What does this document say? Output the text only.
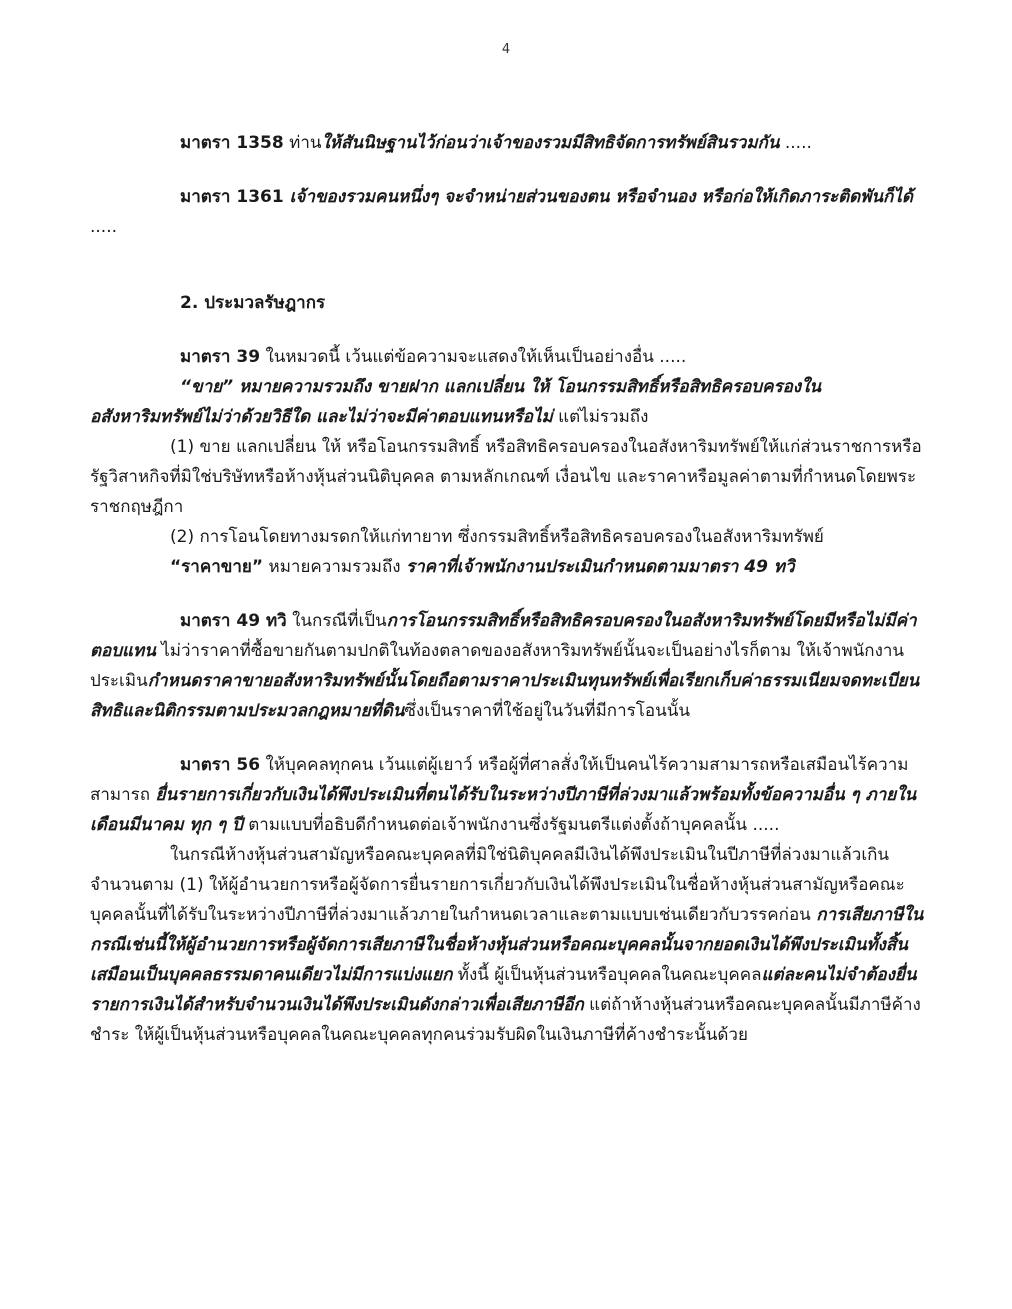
4

มาตรา 1358 ท่านให้สันนิษฐานไว้ก่อนว่าเจ้าของรวมมีสิทธิจัดการทรัพย์สินรวมกัน .....

มาตรา 1361 เจ้าของรวมคนหนึ่งๆ จะจำหน่ายส่วนของตน หรือจำนอง หรือก่อให้เกิดภาระติดพันก็ได้ .....

2. ประมวลรัษฎากร

มาตรา 39 ในหมวดนี้ เว้นแต่ข้อความจะแสดงให้เห็นเป็นอย่างอื่น .....

“ขาย” หมายความรวมถึง ขายฝาก แลกเปลี่ยน ให้ โอนกรรมสิทธิ์หรือสิทธิครอบครองในอสังหาริมทรัพย์ไม่ว่าด้วยวิธีใด และไม่ว่าจะมีค่าตอบแทนหรือไม่ แต่ไม่รวมถึง

(1) ขาย แลกเปลี่ยน ให้ หรือโอนกรรมสิทธิ์ หรือสิทธิครอบครองในอสังหาริมทรัพย์ให้แก่ส่วนราชการหรือรัฐวิสาหกิจที่มิใช่บริษัทหรือห้างหุ้นส่วนนิติบุคคล ตามหลักเกณฑ์ เงื่อนไข และราคาหรือมูลค่าตามที่กำหนดโดยพระราชกฤษฎีกา

(2) การโอนโดยทางมรดกให้แก่ทายาท ซึ่งกรรมสิทธิ์หรือสิทธิครอบครองในอสังหาริมทรัพย์

“ราคาขาย” หมายความรวมถึง ราคาที่เจ้าพนักงานประเมินกำหนดตามมาตรา 49 ทวิ

มาตรา 49 ทวิ ในกรณีที่เป็นการโอนกรรมสิทธิ์หรือสิทธิครอบครองในอสังหาริมทรัพย์โดยมีหรือไม่มีค่าตอบแทน ไม่ว่าราคาที่ซื้อขายกันตามปกติในท้องตลาดของอสังหาริมทรัพย์นั้นจะเป็นอย่างไรก็ตาม ให้เจ้าพนักงานประเมินกำหนดราคาขายอสังหาริมทรัพย์นั้นโดยถือตามราคาประเมินทุนทรัพย์เพื่อเรียกเก็บค่าธรรมเนียมจดทะเบียนสิทธิและนิติกรรมตามประมวลกฎหมายที่ดินซึ่งเป็นราคาที่ใช้อยู่ในวันที่มีการโอนนั้น

มาตรา 56 ให้บุคคลทุกคน เว้นแต่ผู้เยาว์ หรือผู้ที่ศาลสั่งให้เป็นคนไร้ความสามารถหรือเสมือนไร้ความสามารถ ยื่นรายการเกี่ยวกับเงินได้พึงประเมินที่ตนได้รับในระหว่างปีภาษีที่ล่วงมาแล้วพร้อมทั้งข้อความอื่น ๆ ภายในเดือนมีนาคม ทุก ๆ ปี ตามแบบที่อธิบดีกำหนดต่อเจ้าพนักงานซึ่งรัฐมนตรีแต่งตั้งถ้าบุคคลนั้น .....

ในกรณีห้างหุ้นส่วนสามัญหรือคณะบุคคลที่มิใช่นิติบุคคลมีเงินได้พึงประเมินในปีภาษีที่ล่วงมาแล้วเกินจำนวนตาม (1) ให้ผู้อำนวยการหรือผู้จัดการยื่นรายการเกี่ยวกับเงินได้พึงประเมินในชื่อห้างหุ้นส่วนสามัญหรือคณะบุคคลนั้นที่ได้รับในระหว่างปีภาษีที่ล่วงมาแล้วภายในกำหนดเวลาและตามแบบเช่นเดียวกับวรรคก่อน การเสียภาษีในกรณีเช่นนี้ให้ผู้อำนวยการหรือผู้จัดการเสียภาษีในชื่อห้างหุ้นส่วนหรือคณะบุคคลนั้นจากยอดเงินได้พึงประเมินทั้งสิ้นเสมือนเป็นบุคคลธรรมดาคนเดียวไม่มีการแบ่งแยก ทั้งนี้ ผู้เป็นหุ้นส่วนหรือบุคคลในคณะบุคคลแต่ละคนไม่จำต้องยื่นรายการเงินได้สำหรับจำนวนเงินได้พึงประเมินดังกล่าวเพื่อเสียภาษีอีก แต่ถ้าห้างหุ้นส่วนหรือคณะบุคคลนั้นมีภาษีค้างชำระ ให้ผู้เป็นหุ้นส่วนหรือบุคคลในคณะบุคคลทุกคนร่วมรับผิดในเงินภาษีที่ค้างชำระนั้นด้วย
